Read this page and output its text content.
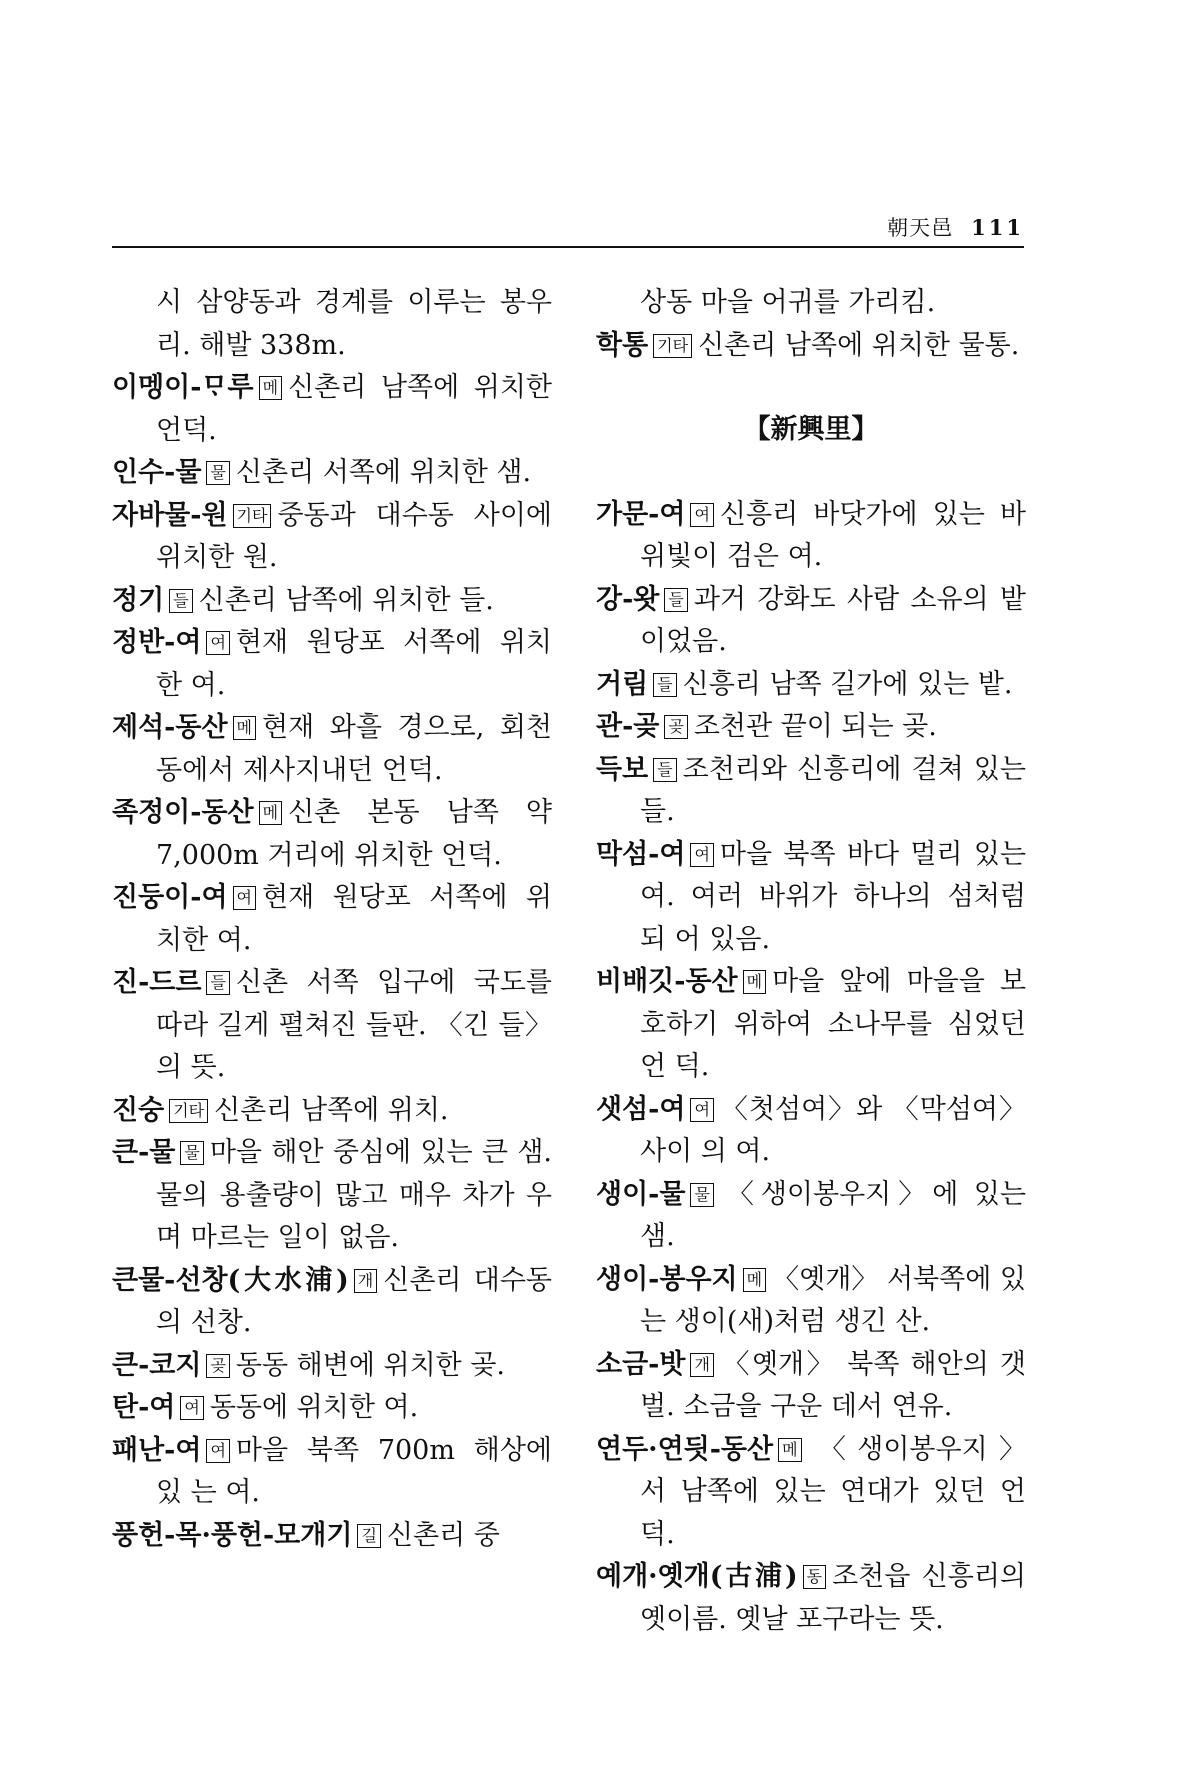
朝天邑 111

시 삼양동과 경계를 이루는 봉우리. 해발 338m.

이멩이-ᄆᆞ루 메 신촌리 남쪽에 위치한 언덕.

인수-물 물 신촌리 서쪽에 위치한 샘.

자바물-원 기타 중동과 대수동 사이에 위치한 원.

정기 들 신촌리 남쪽에 위치한 들.

정반-여 여 현재 원당포 서쪽에 위치 한 여.

제석-동산 메 현재 와흘 경으로, 회천 동에서 제사지내던 언덕.

족정이-동산 메 신촌 본동 남쪽 약 7,000m 거리에 위치한 언덕.

진둥이-여 여 현재 원당포 서쪽에 위 치한 여.

진-드르 들 신촌 서쪽 입구에 국도를 따라 길게 펼쳐진 들판. 〈긴 들〉의 뜻.

진숭 기타 신촌리 남쪽에 위치.

큰-물 물 마을 해안 중심에 있는 큰 샘. 물의 용출량이 많고 매우 차가 우며 마르는 일이 없음.

큰물-선창(大水浦) 개 신촌리 대수동의 선창.

큰-코지 곶 동동 해변에 위치한 곶.

탄-여 여 동동에 위치한 여.

패난-여 여 마을 북쪽 700m 해상에 있 는 여.

풍헌-목·풍헌-모개기 길 신촌리 중

상동 마을 어귀를 가리킴.

학통 기타 신촌리 남쪽에 위치한 물통.

【新興里】

가문-여 여 신흥리 바닷가에 있는 바 위빛이 검은 여.

강-왓 들 과거 강화도 사람 소유의 밭 이었음.

거림 들 신흥리 남쪽 길가에 있는 밭.

관-곶 곶 조천관 끝이 되는 곶.

득보 들 조천리와 신흥리에 걸쳐 있는 들.

막섬-여 여 마을 북쪽 바다 멀리 있는 여. 여러 바위가 하나의 섬처럼 되 어 있음.

비배깃-동산 메 마을 앞에 마을을 보 호하기 위하여 소나무를 심었던 언 덕.

샛섬-여 여 〈첫섬여〉와 〈막섬여〉 사이 의 여.

생이-물 물 〈생이봉우지〉에 있는 샘.

생이-봉우지 메 〈옛개〉 서북쪽에 있는 생이(새)처럼 생긴 산.

소금-밧 개 〈옛개〉 북쪽 해안의 갯벌. 소금을 구운 데서 연유.

연두·연딋-동산 메 〈생이봉우지〉 서 남쪽에 있는 연대가 있던 언덕.

예개·옛개(古浦) 동 조천읍 신흥리의 옛이름. 옛날 포구라는 뜻.
